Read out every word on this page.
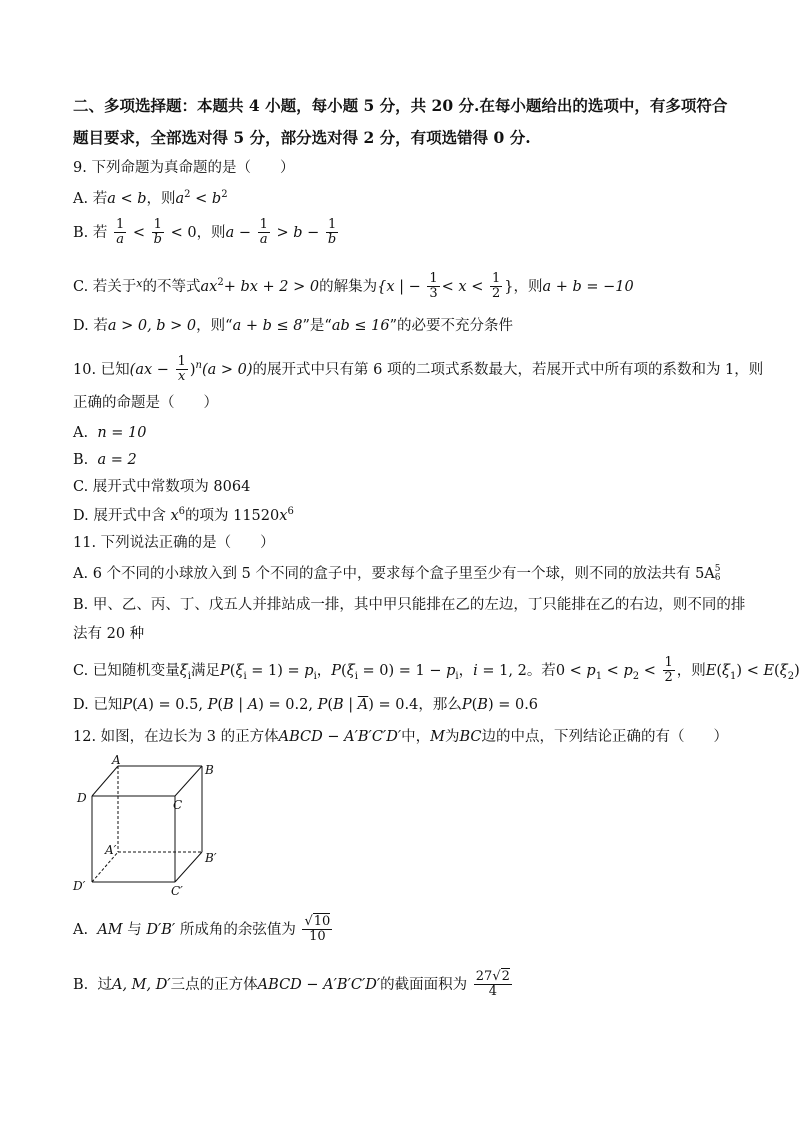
二、多项选择题：本题共 4 小题，每小题 5 分，共 20 分.在每小题给出的选项中，有多项符合
题目要求，全部选对得 5 分，部分选对得 2 分，有项选错得 0 分.
9. 下列命题为真命题的是（　　）
A. 若a < b，则$a^2 < b^2$
B. 若 $\frac{1}{a} < \frac{1}{b} < 0$，则$a - \frac{1}{a} > b - \frac{1}{b}$
C. 若关于$^x$的不等式$ax^2+$ bx + 2 > 0的解集为{x | − $\frac{1}{3} < x < \frac{1}{2}$ }，则a + b = −10
D. 若a > 0, b > 0，则“a + b ≤ 8”是“ab ≤ 16”的必要不充分条件
10. 已知$(ax - \frac{1}{x} )^n(a > 0)$的展开式中只有第 6 项的二项式系数最大，若展开式中所有项的系数和为 1，则
正确的命题是（　　）
A. n = 10
B. a = 2
C. 展开式中常数项为 8064
D. 展开式中含 $x^6$的项为 $11520x^6$
11. 下列说法正确的是（　　）
A. 6 个不同的小球放入到 5 个不同的盒子中，要求每个盒子里至少有一个球，则不同的放法共有 5A 5
6
B. 甲、乙、丙、丁、戊五人并排站成一排，其中甲只能排在乙的左边，丁只能排在乙的右边，则不同的排
法有 20 种
C. 已知随机变量$\xi_i$满足$P(\xi_i = 1) = p_i$，$P(\xi_i = 0) = 1 - p_i$，i = 1, 2。若$0 < p_1 < p_2 < \frac{1}{2}$ ，则$E(\xi_1) < E(\xi_2)$
D. 已知P(A) = 0.5, P(B | A) = 0.2, P(B | $\overline{A}) = 0.4$，那么P(B) = 0.6
12. 如图，在边长为 3 的正方体ABCD − A′B′C′D′中，M为BC边的中点，下列结论正确的有（　　）
A
B
C
D
A′
B′
C′
D′
A. AM 与 D′B′ 所成角的余弦值为 $\frac{√10}{10}$
B. 过A, M, D′三点的正方体ABCD − A′B′C′D′的截面面积为 $\frac{27√2}{4}$
